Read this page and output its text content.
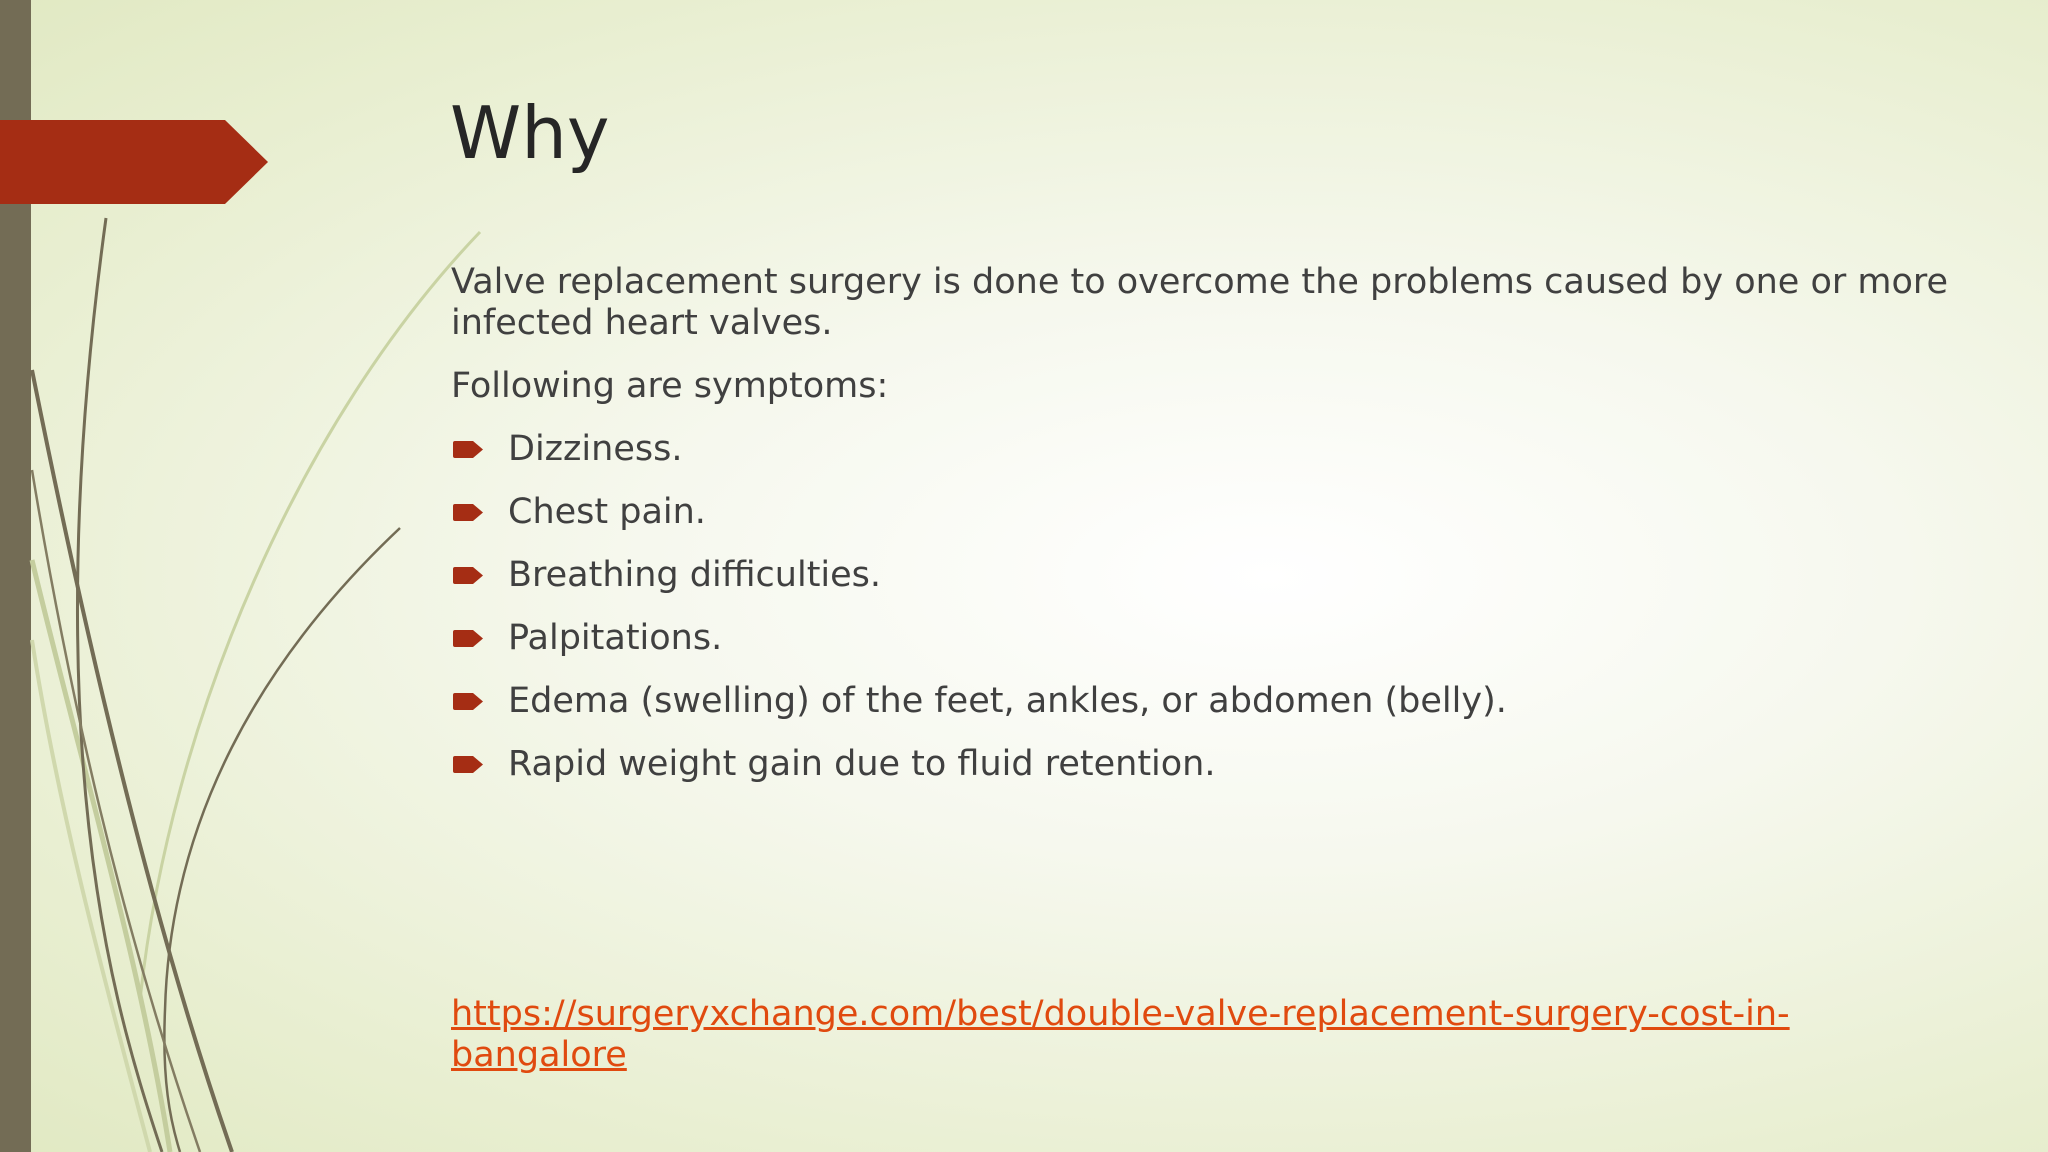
Why

Valve replacement surgery is done to overcome the problems caused by one or more infected heart valves.

Following are symptoms:

Dizziness.
Chest pain.
Breathing difficulties.
Palpitations.
Edema (swelling) of the feet, ankles, or abdomen (belly).
Rapid weight gain due to fluid retention.
https://surgeryxchange.com/best/double-valve-replacement-surgery-cost-in-bangalore
